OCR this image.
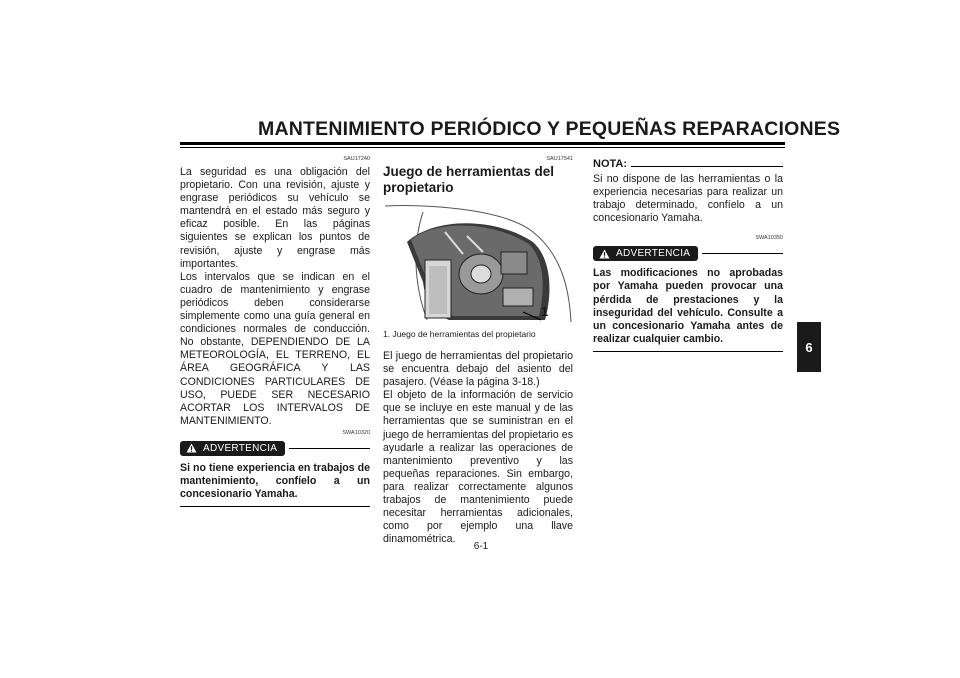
MANTENIMIENTO PERIÓDICO Y PEQUEÑAS REPARACIONES
6
SAU17240

La seguridad es una obligación del propietario. Con una revisión, ajuste y engrase periódicos su vehículo se mantendrá en el estado más seguro y eficaz posible. En las páginas siguientes se explican los puntos de revisión, ajuste y engrase más importantes.

Los intervalos que se indican en el cuadro de mantenimiento y engrase periódicos deben considerarse simplemente como una guía general en condiciones normales de conducción. No obstante, DEPENDIENDO DE LA METEOROLOGÍA, EL TERRENO, EL ÁREA GEOGRÁFICA Y LAS CONDICIONES PARTICULARES DE USO, PUEDE SER NECESARIO ACORTAR LOS INTERVALOS DE MANTENIMIENTO.

SWA10320
ADVERTENCIA
Si no tiene experiencia en trabajos de mantenimiento, confíelo a un concesionario Yamaha.
SAU17541
Juego de herramientas del propietario
1
1. Juego de herramientas del propietario

El juego de herramientas del propietario se encuentra debajo del asiento del pasajero. (Véase la página 3-18.)

El objeto de la información de servicio que se incluye en este manual y de las herramientas que se suministran en el juego de herramientas del propietario es ayudarle a realizar las operaciones de mantenimiento preventivo y las pequeñas reparaciones. Sin embargo, para realizar correctamente algunos trabajos de mantenimiento puede necesitar herramientas adicionales, como por ejemplo una llave dinamométrica.

NOTA:

Si no dispone de las herramientas o la experiencia necesarias para realizar un trabajo determinado, confíelo a un concesionario Yamaha.

SWA10350
ADVERTENCIA
Las modificaciones no aprobadas por Yamaha pueden provocar una pérdida de prestaciones y la inseguridad del vehículo. Consulte a un concesionario Yamaha antes de realizar cualquier cambio.
6-1
